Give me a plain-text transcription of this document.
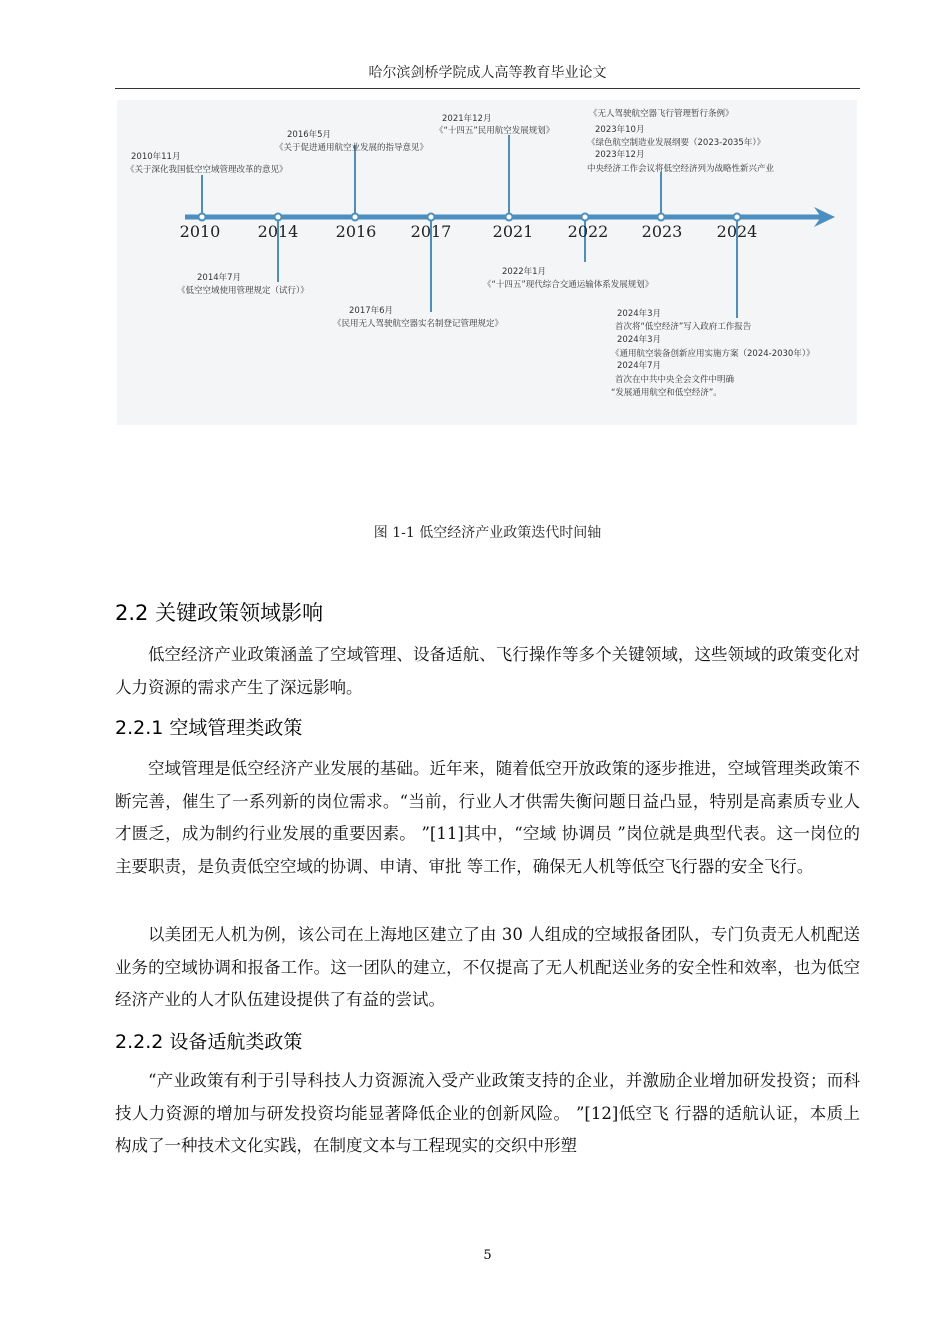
哈尔滨剑桥学院成人高等教育毕业论文
2010 2014 2016 2017	2021 2022 2023 2024
2010年11月
《关于深化我国低空空域管理改革的意见》
2016年5月
《关于促进通用航空业发展的指导意见》
2021年12月
《“十四五”民用航空发展规划》
《无人驾驶航空器飞行管理暂行条例》
2023年10月
《绿色航空制造业发展纲要（2023-2035年）》
2023年12月
中央经济工作会议将低空经济列为战略性新兴产业
2014年7月
《低空空域使用管理规定（试行）》
2017年6月
《民用无人驾驶航空器实名制登记管理规定》
2022年1月
《“十四五”现代综合交通运输体系发展规划》
2024年3月
首次将“低空经济”写入政府工作报告
2024年3月
《通用航空装备创新应用实施方案（2024-2030年）》
2024年7月
首次在中共中央全会文件中明确
“发展通用航空和低空经济”。
图 1-1 低空经济产业政策迭代时间轴
2.2 关键政策领域影响

低空经济产业政策涵盖了空域管理、设备适航、飞行操作等多个关键领域，这些领域的政策变化对人力资源的需求产生了深远影响。

2.2.1 空域管理类政策

空域管理是低空经济产业发展的基础。近年来，随着低空开放政策的逐步推进，空域管理类政策不断完善，催生了一系列新的岗位需求。“当前，行业人才供需失衡问题日益凸显，特别是高素质专业人才匮乏，成为制约行业发展的重要因素。 ”[11]其中，“空域 协调员 ”岗位就是典型代表。这一岗位的主要职责，是负责低空空域的协调、申请、审批 等工作，确保无人机等低空飞行器的安全飞行。

以美团无人机为例，该公司在上海地区建立了由 30 人组成的空域报备团队，专门负责无人机配送业务的空域协调和报备工作。这一团队的建立，不仅提高了无人机配送业务的安全性和效率，也为低空经济产业的人才队伍建设提供了有益的尝试。

2.2.2 设备适航类政策

“产业政策有利于引导科技人力资源流入受产业政策支持的企业，并激励企业增加研发投资；而科技人力资源的增加与研发投资均能显著降低企业的创新风险。 ”[12]低空飞 行器的适航认证，本质上构成了一种技术文化实践，在制度文本与工程现实的交织中形塑

5
